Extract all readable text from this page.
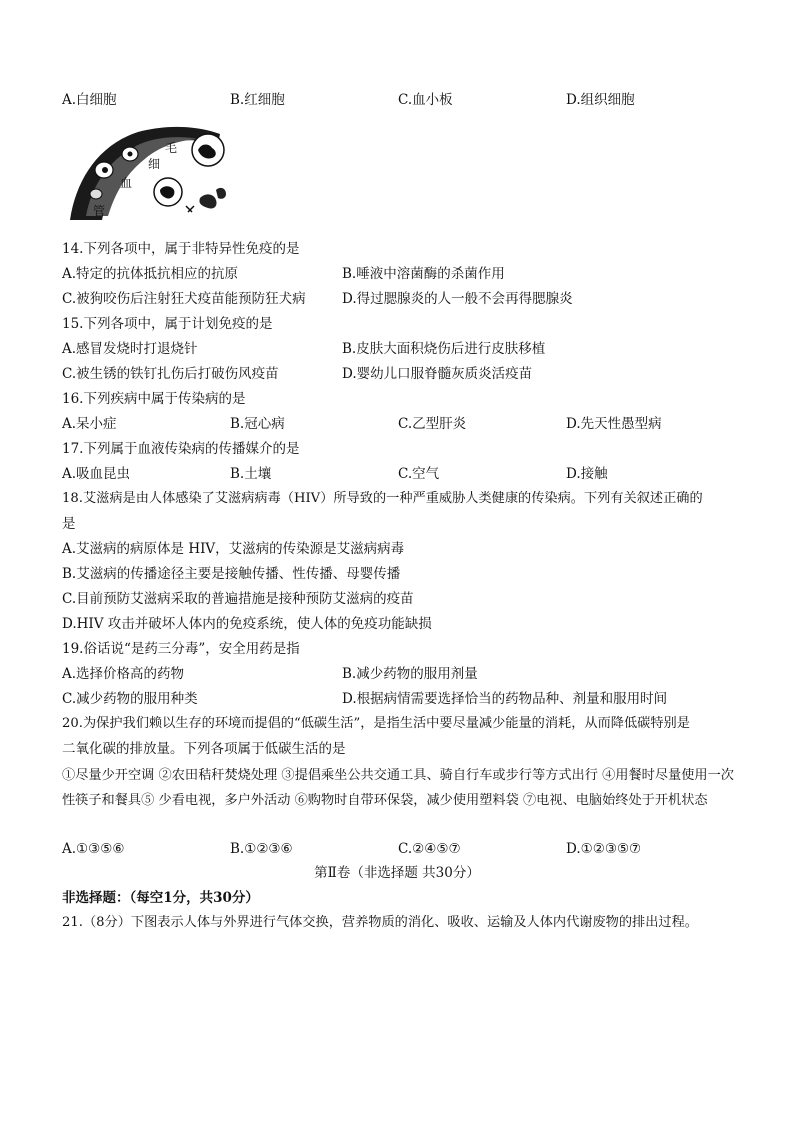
A.白细胞	B.红细胞	C.血小板	D.组织细胞
毛
细
血
管
14.下列各项中，属于非特异性免疫的是
A.特定的抗体抵抗相应的抗原	B.唾液中溶菌酶的杀菌作用
C.被狗咬伤后注射狂犬疫苗能预防狂犬病	D.得过腮腺炎的人一般不会再得腮腺炎
15.下列各项中，属于计划免疫的是
A.感冒发烧时打退烧针	B.皮肤大面积烧伤后进行皮肤移植
C.被生锈的铁钉扎伤后打破伤风疫苗	D.婴幼儿口服脊髓灰质炎活疫苗
16.下列疾病中属于传染病的是
A.呆小症	B.冠心病	C.乙型肝炎	D.先天性愚型病
17.下列属于血液传染病的传播媒介的是
A.吸血昆虫	B.土壤	C.空气	D.接触
18.艾滋病是由人体感染了艾滋病病毒（HIV）所导致的一种严重威胁人类健康的传染病。下列有关叙述正确的
是
A.艾滋病的病原体是 HIV，艾滋病的传染源是艾滋病病毒
B.艾滋病的传播途径主要是接触传播、性传播、母婴传播
C.目前预防艾滋病采取的普遍措施是接种预防艾滋病的疫苗
D.HIV 攻击并破坏人体内的免疫系统，使人体的免疫功能缺损
19.俗话说“是药三分毒”，安全用药是指
A.选择价格高的药物	B.减少药物的服用剂量
C.减少药物的服用种类	D.根据病情需要选择恰当的药物品种、剂量和服用时间
20.为保护我们赖以生存的环境而提倡的“低碳生活”，是指生活中要尽量减少能量的消耗，从而降低碳特别是
二氧化碳的排放量。下列各项属于低碳生活的是
①尽量少开空调 ②农田秸秆焚烧处理 ③提倡乘坐公共交通工具、骑自行车或步行等方式出行 ④用餐时尽量使用一次性筷子和餐具⑤ 少看电视，多户外活动 ⑥购物时自带环保袋，减少使用塑料袋 ⑦电视、电脑始终处于开机状态
A.①③⑤⑥	B.①②③⑥	C.②④⑤⑦	D.①②③⑤⑦
第Ⅱ卷（非选择题 共30分）
非选择题：（每空1分，共30分）
21.（8分）下图表示人体与外界进行气体交换，营养物质的消化、吸收、运输及人体内代谢废物的排出过程。
